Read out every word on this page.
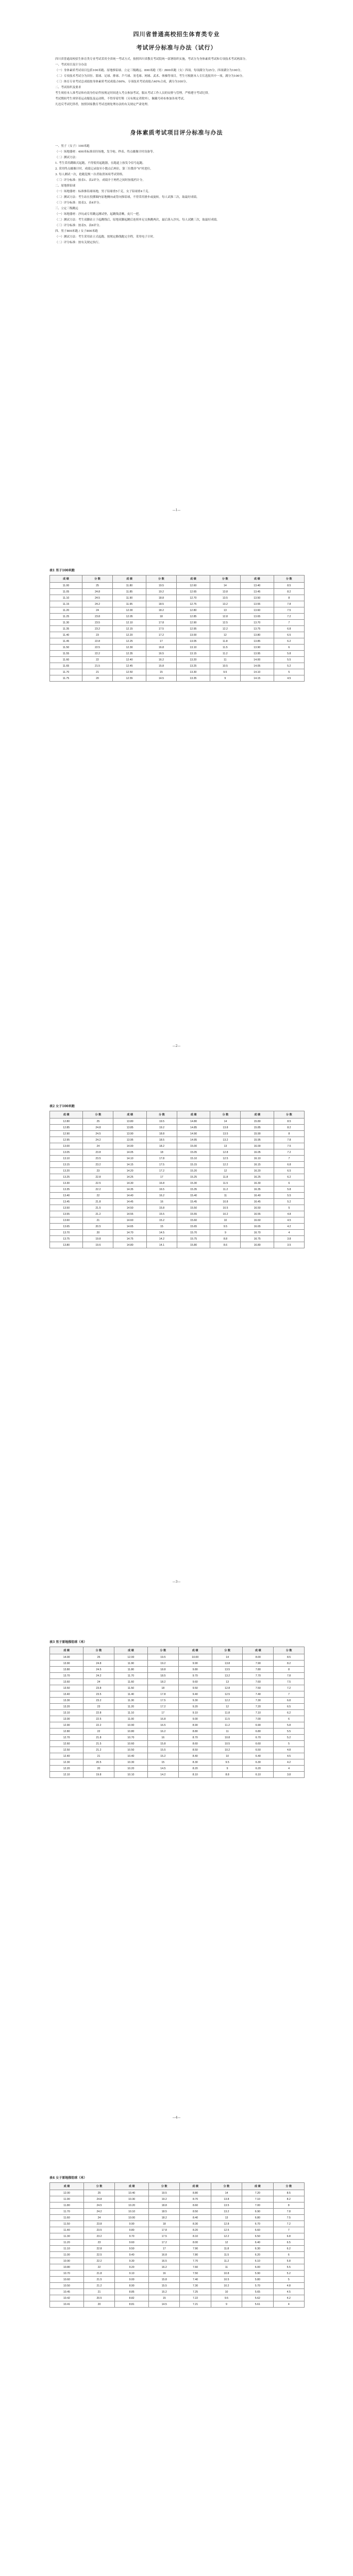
四川省普通高校招生体育类专业
考试评分标准与办法（试行）

四川省普通高校招生体育类专业考试采用全省统一考试方式，按照四川省教育考试院统一部署组织实施，考试分为身体素质考试和专项技术考试两部分。

一、考试项目及计分办法

（一）身体素质考试项目包括100米跑、原地推铅球、立定三级跳远、800米跑（男）/800米跑（女）四项。每项满分为25分，四项满分为100分。

（二）专项技术考试分为田径、篮球、足球、排球、乒乓球、羽毛球、网球、武术、体操等项目，考生可根据本人专长选报其中一项，满分为100分。

（三）体育专业考试总成绩按身体素质考试成绩占60%、专项技术考试成绩占40%合成，满分为100分。

二、考试组织及要求

考生须持本人准考证和有效身份证件按规定时间进入考点参加考试，服从考试工作人员的安排与管理，严格遵守考试纪律。

考试期间考生须穿着运动服装及运动鞋，不得穿着钉鞋（另有规定者除外），佩戴号码布参加各项考试。

凡违反考试纪律者，按照国家教育考试违规处理办法的有关规定严肃处理。

身体素质考试项目评分标准与办法

一、男子（女子）100米跑

（一）场地器材：400米标准田径场地，发令枪、秒表、终点摄像计时设备等。

（二）测试方法：

1. 考生采用蹲踞式起跑，不得使用起跑器，在跑道上按发令信号起跑。

2. 采用终点摄像计时，成绩记录取至小数点后两位，第三位数非“0”时进位。

3. 每人测试一次，抢跑犯规一次者取消该项考试资格。

（三）评分标准：按表1、表2评分，成绩介于两档之间时按低档计分。

二、原地推铅球

（一）场地器材：标准推铅球场地，男子铅球重5千克，女子铅球重4千克。

（二）测试方法：考生站在投掷圈内原地侧向或背向推铅球，不得采用滑步或旋转。每人试推三次，取最好成绩。

（三）评分标准：按表3、表4评分。

三、立定三级跳远

（一）场地器材：沙坑或专用跳远测试垫，起跳线清晰，皮尺一把。

（二）测试方法：考生双脚站立于起跳线后，原地双脚起跳后连续单足交换跳两次，最后落入沙坑。每人试跳三次，取最好成绩。

（三）评分标准：按表5、表6评分。

四、男子800米跑 / 女子800米跑

（一）测试方法：考生采用站立式起跑，按规定路线跑完全程，采用电子计时。

（二）评分标准：按有关规定执行。

—1—
表1 男子100米跑
成 绩	分 数	成 绩	分 数	成 绩	分 数	成 绩	分 数
11.00	25	11.80	19.5	12.60	14	13.40	8.5
11.05	24.8	11.85	19.2	12.65	13.8	13.45	8.2
11.10	24.5	11.90	18.8	12.70	13.5	13.50	8
11.15	24.2	11.95	18.5	12.75	13.2	13.55	7.8
11.20	24	12.00	18.2	12.80	13	13.60	7.5
11.25	23.8	12.05	18	12.85	12.8	13.65	7.2
11.30	23.5	12.10	17.8	12.90	12.5	13.70	7
11.35	23.2	12.15	17.5	12.95	12.2	13.75	6.8
11.40	23	12.20	17.2	13.00	12	13.80	6.5
11.45	22.8	12.25	17	13.05	11.8	13.85	6.2
11.50	22.5	12.30	16.8	13.10	11.5	13.90	6
11.55	22.2	12.35	16.5	13.15	11.2	13.95	5.8
11.60	22	12.40	16.2	13.20	11	14.00	5.5
11.65	21.5	12.45	15.8	13.25	10.5	14.05	5.2
11.70	21	12.50	15	13.30	9.5	14.10	5
11.75	20	12.55	14.5	13.35	9	14.15	4.5
—2—
表2 女子100米跑
成 绩	分 数	成 绩	分 数	成 绩	分 数	成 绩	分 数
12.80	25	13.80	19.5	14.80	14	15.80	8.5
12.85	24.8	13.85	19.2	14.85	13.8	15.85	8.2
12.90	24.5	13.90	18.8	14.90	13.5	15.90	8
12.95	24.2	13.95	18.5	14.95	13.2	15.95	7.8
13.00	24	14.00	18.2	15.00	13	16.00	7.5
13.05	23.8	14.05	18	15.05	12.8	16.05	7.2
13.10	23.5	14.10	17.8	15.10	12.5	16.10	7
13.15	23.2	14.15	17.5	15.15	12.2	16.15	6.8
13.20	23	14.20	17.2	15.20	12	16.20	6.5
13.25	22.8	14.25	17	15.25	11.8	16.25	6.2
13.30	22.5	14.30	16.8	15.30	11.5	16.30	6
13.35	22.2	14.35	16.5	15.35	11.2	16.35	5.8
13.40	22	14.40	16.2	15.40	11	16.40	5.5
13.45	21.8	14.45	16	15.45	10.8	16.45	5.2
13.50	21.5	14.50	15.8	15.50	10.5	16.50	5
13.55	21.2	14.55	15.5	15.55	10.2	16.55	4.8
13.60	21	14.60	15.2	15.60	10	16.60	4.5
13.65	20.5	14.65	15	15.65	9.5	16.65	4.2
13.70	20	14.70	14.5	15.70	9	16.70	4
13.75	19.8	14.75	14.2	15.75	8.8	16.75	3.8
13.80	19.6	14.80	14.1	15.80	8.6	16.80	3.5
—3—
表3 男子原地推铅球（米）
成 绩	分 数	成 绩	分 数	成 绩	分 数	成 绩	分 数
14.00	25	12.00	19.5	10.00	14	8.00	8.5
13.90	24.8	11.90	19.2	9.90	13.8	7.90	8.2
13.80	24.5	11.80	18.8	9.80	13.5	7.80	8
13.70	24.2	11.70	18.5	9.70	13.2	7.70	7.8
13.60	24	11.60	18.2	9.60	13	7.60	7.5
13.50	23.8	11.50	18	9.50	12.8	7.50	7.2
13.40	23.5	11.40	17.8	9.40	12.5	7.40	7
13.30	23.2	11.30	17.5	9.30	12.2	7.30	6.8
13.20	23	11.20	17.2	9.20	12	7.20	6.5
13.10	22.8	11.10	17	9.10	11.8	7.10	6.2
13.00	22.5	11.00	16.8	9.00	11.5	7.00	6
12.90	22.2	10.90	16.5	8.90	11.2	6.90	5.8
12.80	22	10.80	16.2	8.80	11	6.80	5.5
12.70	21.8	10.70	16	8.70	10.8	6.70	5.2
12.60	21.5	10.60	15.8	8.60	10.5	6.60	5
12.50	21.2	10.50	15.5	8.50	10.2	6.50	4.8
12.40	21	10.40	15.2	8.40	10	6.40	4.5
12.30	20.5	10.30	15	8.30	9.5	6.30	4.2
12.20	20	10.20	14.5	8.20	9	6.20	4
12.10	19.8	10.10	14.2	8.10	8.8	6.10	3.8
—4—
表4 女子原地推铅球（米）
成 绩	分 数	成 绩	分 数	成 绩	分 数	成 绩	分 数
12.00	25	10.40	19.5	8.80	14	7.20	8.5
11.90	24.8	10.30	19.2	8.70	13.8	7.10	8.2
11.80	24.5	10.20	18.8	8.60	13.5	7.00	8
11.70	24.2	10.10	18.5	8.50	13.2	6.90	7.8
11.60	24	10.00	18.2	8.40	13	6.80	7.5
11.50	23.8	9.90	18	8.30	12.8	6.70	7.2
11.40	23.5	9.80	17.8	8.20	12.5	6.60	7
11.30	23.2	9.70	17.5	8.10	12.2	6.50	6.8
11.20	23	9.60	17.2	8.00	12	6.40	6.5
11.10	22.8	9.50	17	7.90	11.8	6.30	6.2
11.00	22.5	9.40	16.8	7.80	11.5	6.20	6
10.90	22.2	9.30	16.5	7.70	11.2	6.10	5.8
10.80	22	9.20	16.2	7.60	11	6.00	5.5
10.70	21.8	9.10	16	7.50	10.8	5.90	5.2
10.60	21.5	9.00	15.8	7.40	10.5	5.80	5
10.50	21.2	8.90	15.5	7.30	10.2	5.70	4.8
10.45	21	8.85	15.2	7.25	10	5.65	4.5
10.42	20.5	8.82	15	7.22	9.5	5.62	4.2
10.41	20	8.81	14.5	7.21	9	5.61	4
